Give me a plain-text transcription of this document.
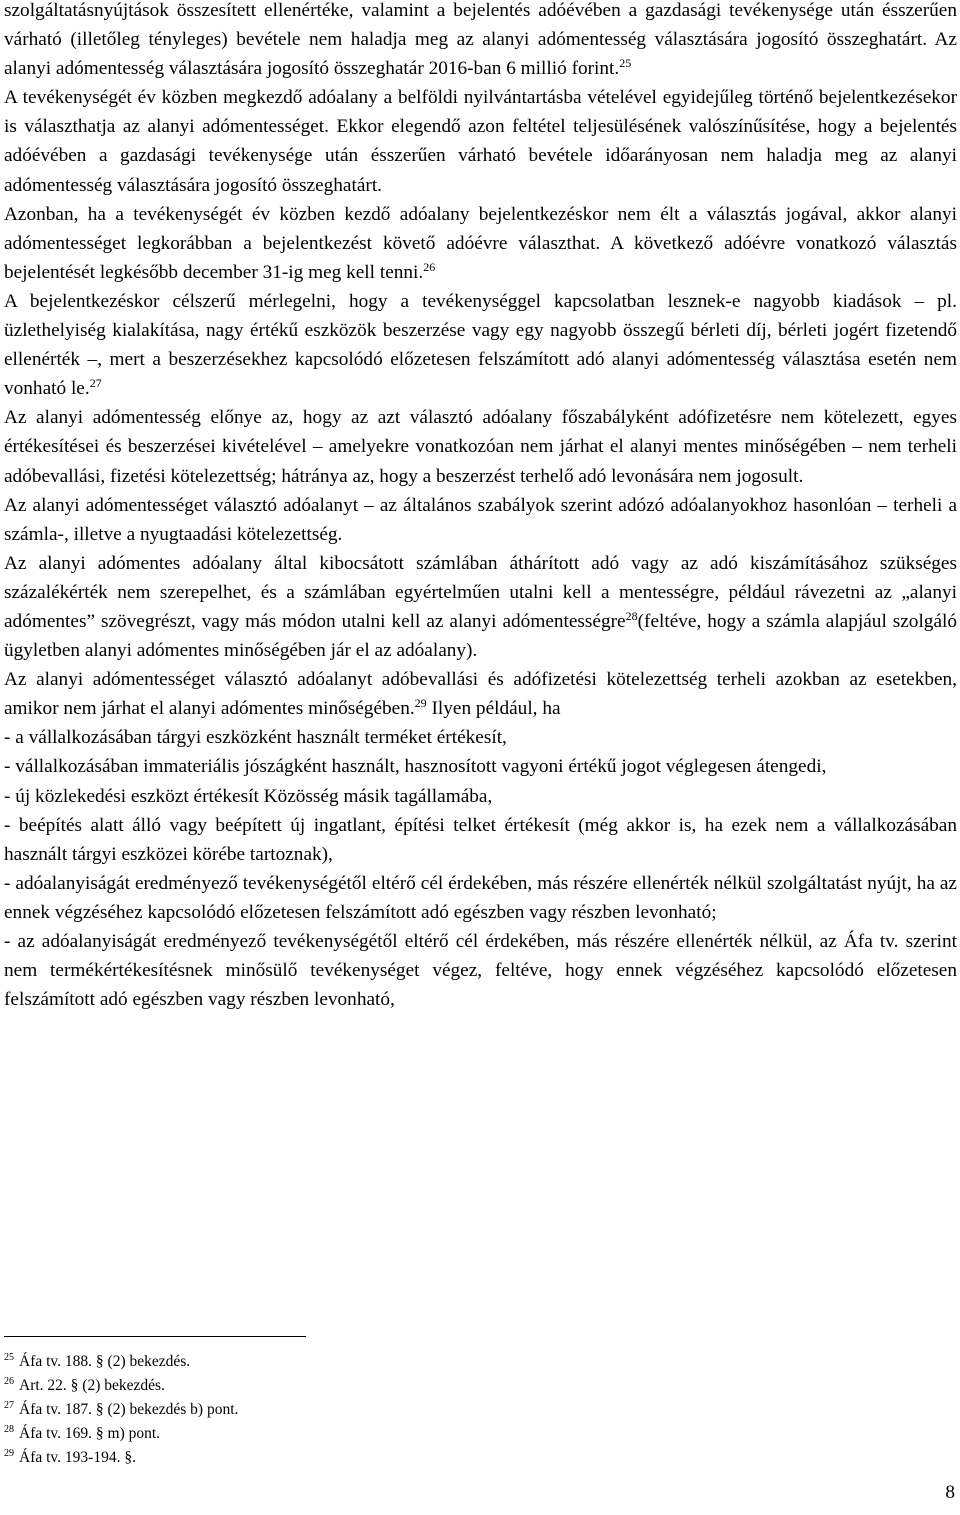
szolgáltatásnyújtások összesített ellenértéke, valamint a bejelentés adóévében a gazdasági tevékenysége után ésszerűen várható (illetőleg tényleges) bevétele nem haladja meg az alanyi adómentesség választására jogosító összeghatárt. Az alanyi adómentesség választására jogosító összeghatár 2016-ban 6 millió forint.$^{25}$

A tevékenységét év közben megkezdő adóalany a belföldi nyilvántartásba vételével egyidejűleg történő bejelentkezésekor is választhatja az alanyi adómentességet. Ekkor elegendő azon feltétel teljesülésének valószínűsítése, hogy a bejelentés adóévében a gazdasági tevékenysége után ésszerűen várható bevétele időarányosan nem haladja meg az alanyi adómentesség választására jogosító összeghatárt.

Azonban, ha a tevékenységét év közben kezdő adóalany bejelentkezéskor nem élt a választás jogával, akkor alanyi adómentességet legkorábban a bejelentkezést követő adóévre választhat. A következő adóévre vonatkozó választás bejelentését legkésőbb december 31-ig meg kell tenni.$^{26}$

A bejelentkezéskor célszerű mérlegelni, hogy a tevékenységgel kapcsolatban lesznek-e nagyobb kiadások – pl. üzlethelyiség kialakítása, nagy értékű eszközök beszerzése vagy egy nagyobb összegű bérleti díj, bérleti jogért fizetendő ellenérték –, mert a beszerzésekhez kapcsolódó előzetesen felszámított adó alanyi adómentesség választása esetén nem vonható le.$^{27}$

Az alanyi adómentesség előnye az, hogy az azt választó adóalany főszabályként adófizetésre nem kötelezett, egyes értékesítései és beszerzései kivételével – amelyekre vonatkozóan nem járhat el alanyi mentes minőségében – nem terheli adóbevallási, fizetési kötelezettség; hátránya az, hogy a beszerzést terhelő adó levonására nem jogosult.

Az alanyi adómentességet választó adóalanyt – az általános szabályok szerint adózó adóalanyokhoz hasonlóan – terheli a számla-, illetve a nyugtaadási kötelezettség.

Az alanyi adómentes adóalany által kibocsátott számlában áthárított adó vagy az adó kiszámításához szükséges százalékérték nem szerepelhet, és a számlában egyértelműen utalni kell a mentességre, például rávezetni az „alanyi adómentes” szövegrészt, vagy más módon utalni kell az alanyi adómentességre$^{28}$(feltéve, hogy a számla alapjául szolgáló ügyletben alanyi adómentes minőségében jár el az adóalany).

Az alanyi adómentességet választó adóalanyt adóbevallási és adófizetési kötelezettség terheli azokban az esetekben, amikor nem járhat el alanyi adómentes minőségében.$^{29}$ Ilyen például, ha

- a vállalkozásában tárgyi eszközként használt terméket értékesít,

- vállalkozásában immateriális jószágként használt, hasznosított vagyoni értékű jogot véglegesen átengedi,

- új közlekedési eszközt értékesít Közösség másik tagállamába,

- beépítés alatt álló vagy beépített új ingatlant, építési telket értékesít (még akkor is, ha ezek nem a vállalkozásában használt tárgyi eszközei körébe tartoznak),

- adóalanyiságát eredményező tevékenységétől eltérő cél érdekében, más részére ellenérték nélkül szolgáltatást nyújt, ha az ennek végzéséhez kapcsolódó előzetesen felszámított adó egészben vagy részben levonható;

- az adóalanyiságát eredményező tevékenységétől eltérő cél érdekében, más részére ellenérték nélkül, az Áfa tv. szerint nem termékértékesítésnek minősülő tevékenységet végez, feltéve, hogy ennek végzéséhez kapcsolódó előzetesen felszámított adó egészben vagy részben levonható,

$^{25}$ Áfa tv. 188. § (2) bekezdés.
$^{26}$ Art. 22. § (2) bekezdés.
$^{27}$ Áfa tv. 187. § (2) bekezdés b) pont.
$^{28}$ Áfa tv. 169. § m) pont.
$^{29}$ Áfa tv. 193-194. §.
8
